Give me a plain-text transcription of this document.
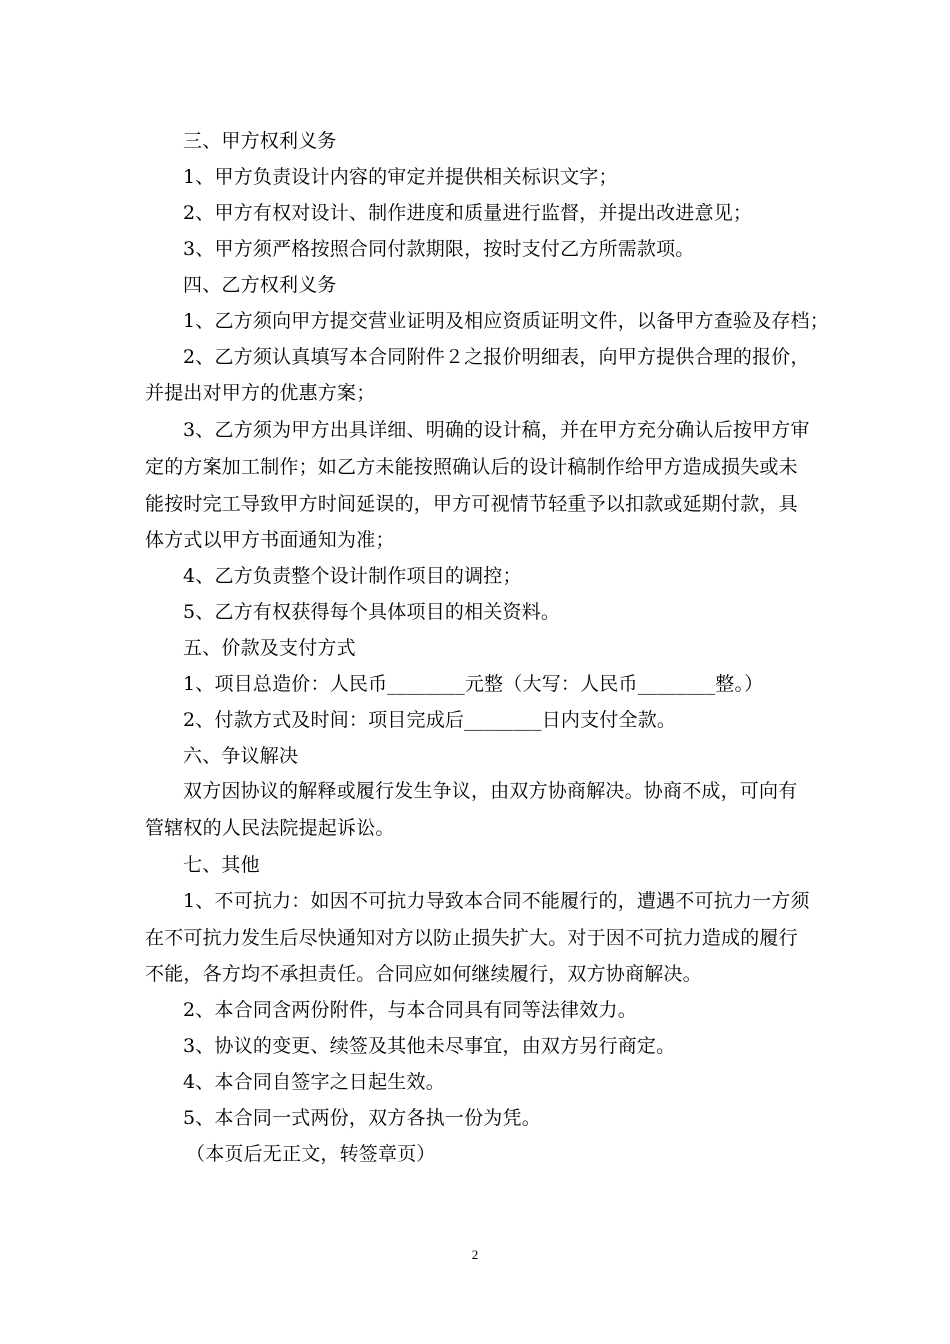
三、甲方权利义务
1、甲方负责设计内容的审定并提供相关标识文字；
2、甲方有权对设计、制作进度和质量进行监督，并提出改进意见；
3、甲方须严格按照合同付款期限，按时支付乙方所需款项。
四、乙方权利义务
1、乙方须向甲方提交营业证明及相应资质证明文件，以备甲方查验及存档；
2、乙方须认真填写本合同附件２之报价明细表，向甲方提供合理的报价，
并提出对甲方的优惠方案；
3、乙方须为甲方出具详细、明确的设计稿，并在甲方充分确认后按甲方审
定的方案加工制作；如乙方未能按照确认后的设计稿制作给甲方造成损失或未
能按时完工导致甲方时间延误的，甲方可视情节轻重予以扣款或延期付款，具
体方式以甲方书面通知为准；
4、乙方负责整个设计制作项目的调控；
5、乙方有权获得每个具体项目的相关资料。
五、价款及支付方式
1、项目总造价：人民币________元整（大写：人民币________整。）
2、付款方式及时间：项目完成后________日内支付全款。
六、争议解决
双方因协议的解释或履行发生争议，由双方协商解决。协商不成，可向有
管辖权的人民法院提起诉讼。
七、其他
1、不可抗力：如因不可抗力导致本合同不能履行的，遭遇不可抗力一方须
在不可抗力发生后尽快通知对方以防止损失扩大。对于因不可抗力造成的履行
不能，各方均不承担责任。合同应如何继续履行，双方协商解决。
2、本合同含两份附件，与本合同具有同等法律效力。
3、协议的变更、续签及其他未尽事宜，由双方另行商定。
4、本合同自签字之日起生效。
5、本合同一式两份，双方各执一份为凭。
（本页后无正文，转签章页）
2
